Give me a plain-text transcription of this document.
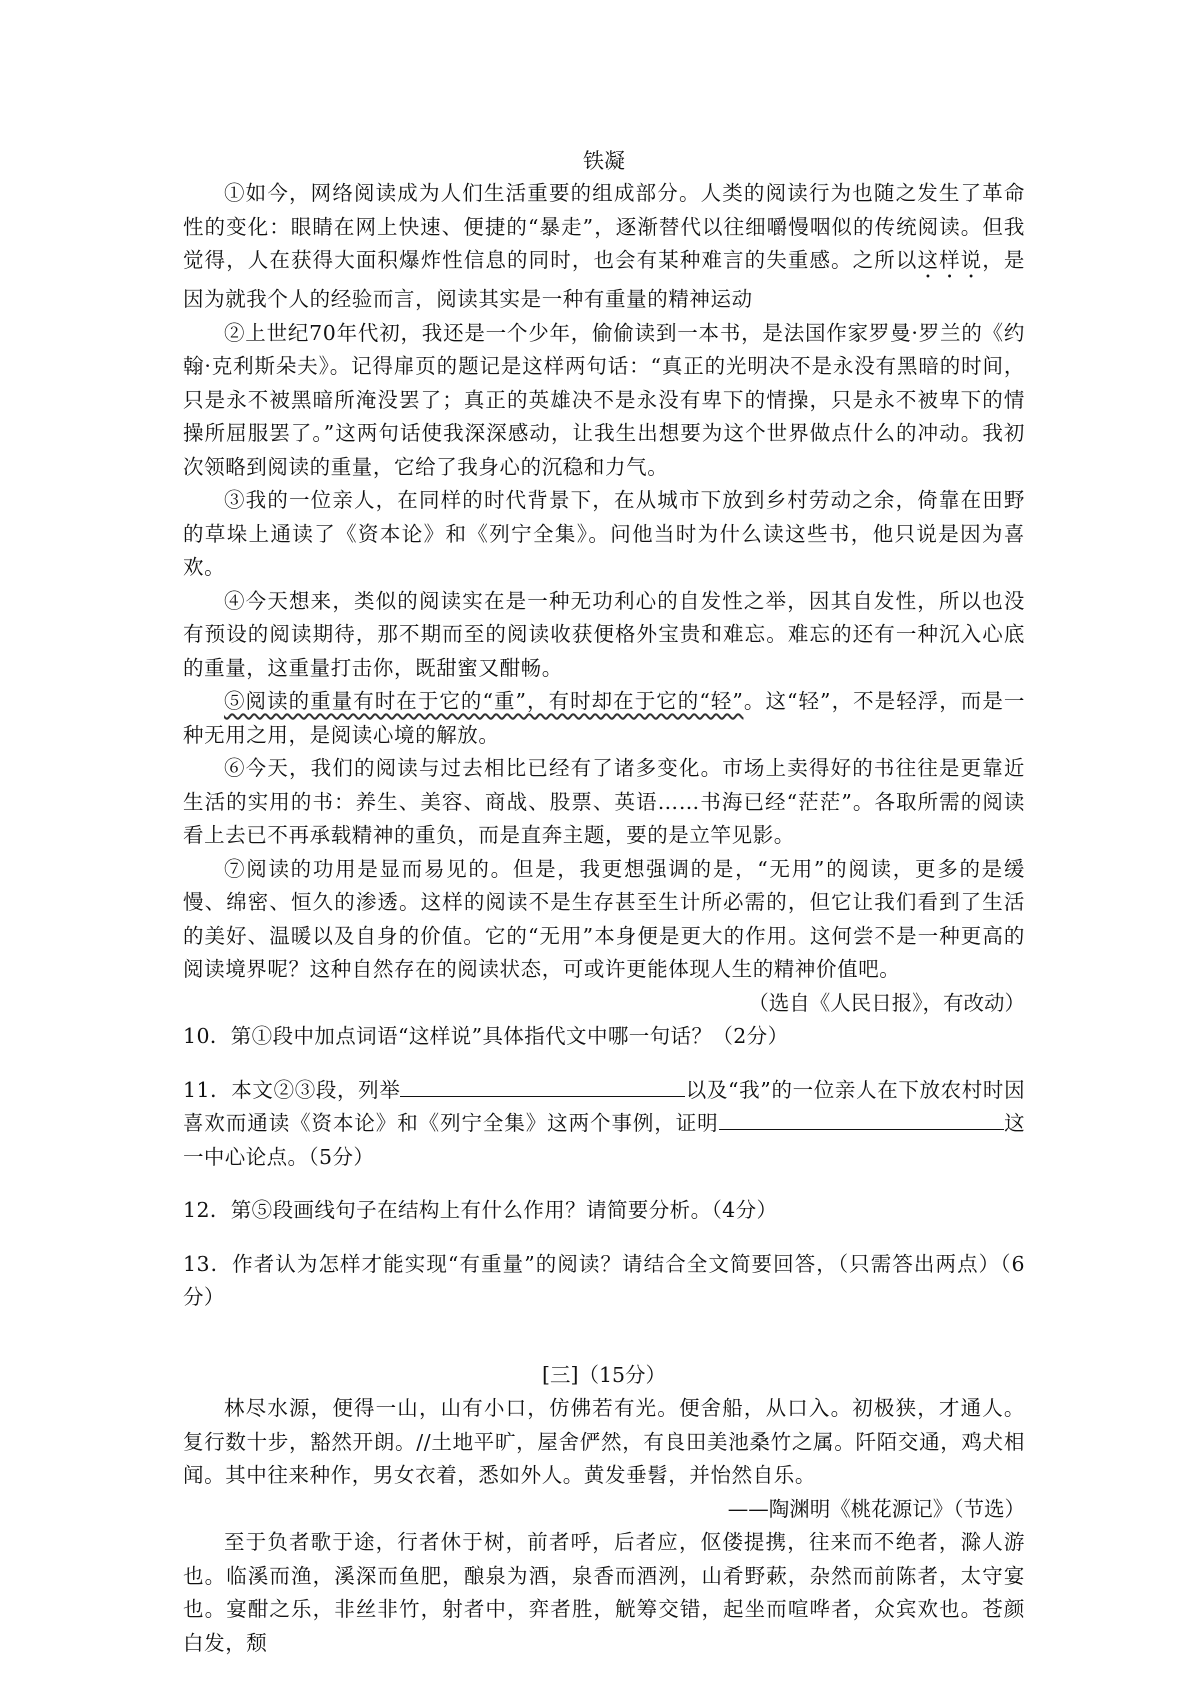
铁凝

①如今，网络阅读成为人们生活重要的组成部分。人类的阅读行为也随之发生了革命性的变化：眼睛在网上快速、便捷的“暴走”，逐渐替代以往细嚼慢咽似的传统阅读。但我觉得，人在获得大面积爆炸性信息的同时，也会有某种难言的失重感。之所以这样说，是因为就我个人的经验而言，阅读其实是一种有重量的精神运动

②上世纪70年代初，我还是一个少年，偷偷读到一本书，是法国作家罗曼·罗兰的《约翰·克利斯朵夫》。记得扉页的题记是这样两句话：“真正的光明决不是永没有黑暗的时间，只是永不被黑暗所淹没罢了；真正的英雄决不是永没有卑下的情操，只是永不被卑下的情操所屈服罢了。”这两句话使我深深感动，让我生出想要为这个世界做点什么的冲动。我初次领略到阅读的重量，它给了我身心的沉稳和力气。

③我的一位亲人，在同样的时代背景下，在从城市下放到乡村劳动之余，倚靠在田野的草垛上通读了《资本论》和《列宁全集》。问他当时为什么读这些书，他只说是因为喜欢。

④今天想来，类似的阅读实在是一种无功利心的自发性之举，因其自发性，所以也没有预设的阅读期待，那不期而至的阅读收获便格外宝贵和难忘。难忘的还有一种沉入心底的重量，这重量打击你，既甜蜜又酣畅。

⑤阅读的重量有时在于它的“重”，有时却在于它的“轻”。这“轻”，不是轻浮，而是一种无用之用，是阅读心境的解放。

⑥今天，我们的阅读与过去相比已经有了诸多变化。市场上卖得好的书往往是更靠近生活的实用的书：养生、美容、商战、股票、英语……书海已经“茫茫”。各取所需的阅读看上去已不再承载精神的重负，而是直奔主题，要的是立竿见影。

⑦阅读的功用是显而易见的。但是，我更想强调的是，“无用”的阅读，更多的是缓慢、绵密、恒久的渗透。这样的阅读不是生存甚至生计所必需的，但它让我们看到了生活的美好、温暖以及自身的价值。它的“无用”本身便是更大的作用。这何尝不是一种更高的阅读境界呢？这种自然存在的阅读状态，可或许更能体现人生的精神价值吧。

（选自《人民日报》，有改动）

10．第①段中加点词语“这样说”具体指代文中哪一句话？（2分）

11．本文②③段，列举	以及“我”的一位亲人在下放农村时因喜欢而通读《资本论》和《列宁全集》这两个事例，证明	这一中心论点。（5分）

12．第⑤段画线句子在结构上有什么作用？请简要分析。（4分）

13．作者认为怎样才能实现“有重量”的阅读？请结合全文简要回答，（只需答出两点）（6分）

[三]（15分）

林尽水源，便得一山，山有小口，仿佛若有光。便舍船，从口入。初极狭，才通人。复行数十步，豁然开朗。//土地平旷，屋舍俨然，有良田美池桑竹之属。阡陌交通，鸡犬相闻。其中往来种作，男女衣着，悉如外人。黄发垂髫，并怡然自乐。

——陶渊明《桃花源记》（节选）

至于负者歌于途，行者休于树，前者呼，后者应，伛偻提携，往来而不绝者，滁人游也。临溪而渔，溪深而鱼肥，酿泉为酒，泉香而酒洌，山肴野蔌，杂然而前陈者，太守宴也。宴酣之乐，非丝非竹，射者中，弈者胜，觥筹交错，起坐而喧哗者，众宾欢也。苍颜白发，颓
